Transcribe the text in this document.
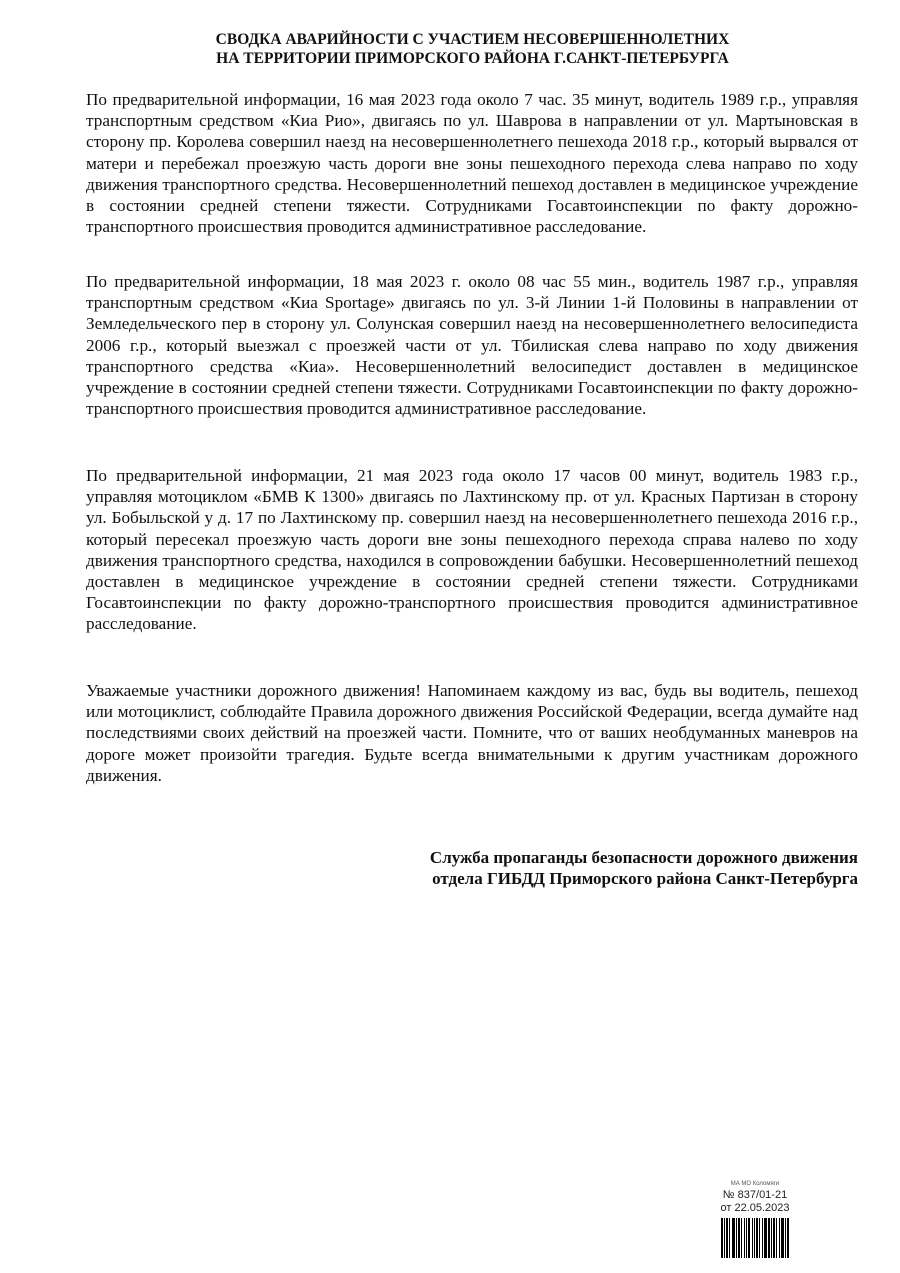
СВОДКА АВАРИЙНОСТИ С УЧАСТИЕМ НЕСОВЕРШЕННОЛЕТНИХ
НА ТЕРРИТОРИИ ПРИМОРСКОГО РАЙОНА Г.САНКТ-ПЕТЕРБУРГА

По предварительной информации, 16 мая 2023 года около 7 час. 35 минут, водитель 1989 г.р., управляя транспортным средством «Киа Рио», двигаясь по ул. Шаврова в направлении от ул. Мартыновская в сторону пр. Королева совершил наезд на несовершеннолетнего пешехода 2018 г.р., который вырвался от матери и перебежал проезжую часть дороги вне зоны пешеходного перехода слева направо по ходу движения транспортного средства. Несовершеннолетний пешеход доставлен в медицинское учреждение в состоянии средней степени тяжести. Сотрудниками Госавтоинспекции по факту дорожно-транспортного происшествия проводится административное расследование.

По предварительной информации, 18 мая 2023 г. около 08 час 55 мин., водитель 1987 г.р., управляя транспортным средством «Киа Sportage» двигаясь по ул. 3-й Линии 1-й Половины в направлении от Земледельческого пер в сторону ул. Солунская совершил наезд на несовершеннолетнего велосипедиста 2006 г.р., который выезжал с проезжей части от ул. Тбилиская слева направо по ходу движения транспортного средства «Киа». Несовершеннолетний велосипедист доставлен в медицинское учреждение в состоянии средней степени тяжести. Сотрудниками Госавтоинспекции по факту дорожно-транспортного происшествия проводится административное расследование.

По предварительной информации, 21 мая 2023 года около 17 часов 00 минут, водитель 1983 г.р., управляя мотоциклом «БМВ К 1300» двигаясь по Лахтинскому пр. от ул. Красных Партизан в сторону ул. Бобыльской у д. 17 по Лахтинскому пр. совершил наезд на несовершеннолетнего пешехода 2016 г.р., который пересекал проезжую часть дороги вне зоны пешеходного перехода справа налево по ходу движения транспортного средства, находился в сопровождении бабушки. Несовершеннолетний пешеход доставлен в медицинское учреждение в состоянии средней степени тяжести. Сотрудниками Госавтоинспекции по факту дорожно-транспортного происшествия проводится административное расследование.

Уважаемые участники дорожного движения! Напоминаем каждому из вас, будь вы водитель, пешеход или мотоциклист, соблюдайте Правила дорожного движения Российской Федерации, всегда думайте над последствиями своих действий на проезжей части. Помните, что от ваших необдуманных маневров на дороге может произойти трагедия. Будьте всегда внимательными к другим участникам дорожного движения.

Служба пропаганды безопасности дорожного движения
отдела ГИБДД Приморского района Санкт-Петербурга
МА МО Коломяги
№ 837/01-21
от 22.05.2023
